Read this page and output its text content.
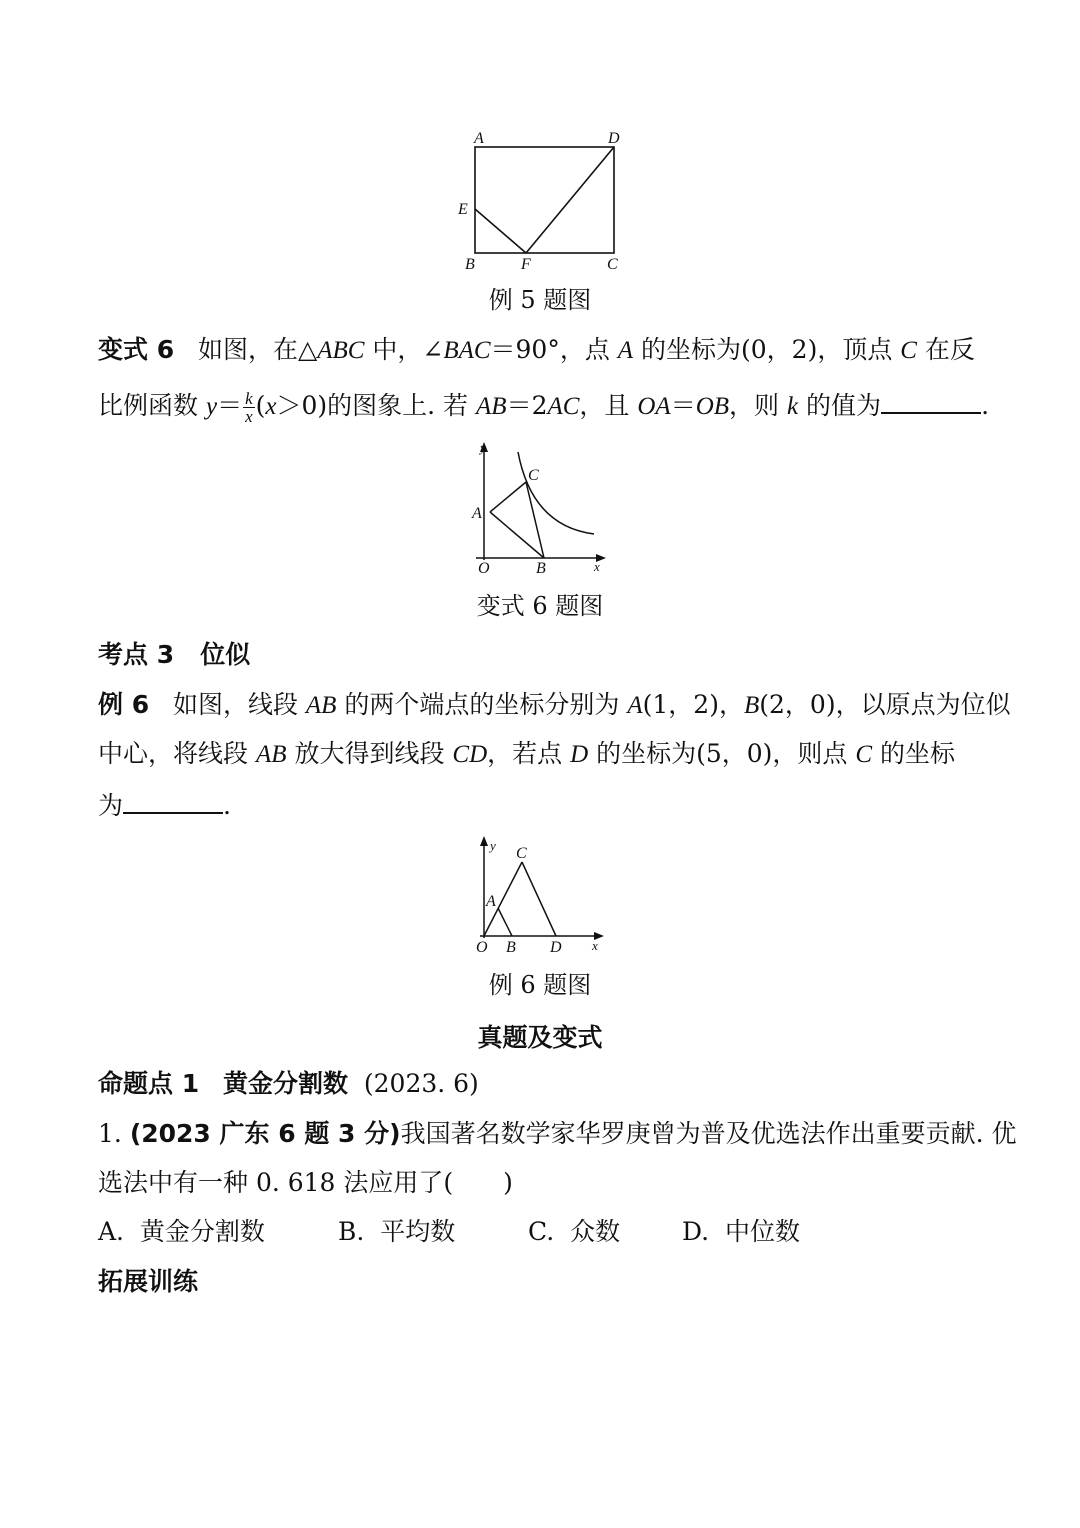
A	D
E
B	F	C
例 5 题图
变式 6 如图，在△ABC 中，∠BAC＝90°，点 A 的坐标为(0，2)，顶点 C 在反
比例函数 $y= \frac{k}{x} (x>0)$的图象上. 若 AB＝2AC，且 OA＝OB，则 k 的值为	.
y
C
A
O	B	x
变式 6 题图
考点 3 位似
例 6 如图，线段 AB 的两个端点的坐标分别为 A(1，2)，B(2，0)，以原点为位似
中心，将线段 AB 放大得到线段 CD，若点 D 的坐标为(5，0)，则点 C 的坐标
为	.
y C
A
O B D x
例 6 题图
真题及变式
命题点 1 黄金分割数 (2023. 6)
1. (2023 广东 6 题 3 分)我国著名数学家华罗庚曾为普及优选法作出重要贡献. 优
选法中有一种 0. 618 法应用了(　　)
A. 黄金分割数	B. 平均数	C. 众数 D. 中位数
拓展训练
